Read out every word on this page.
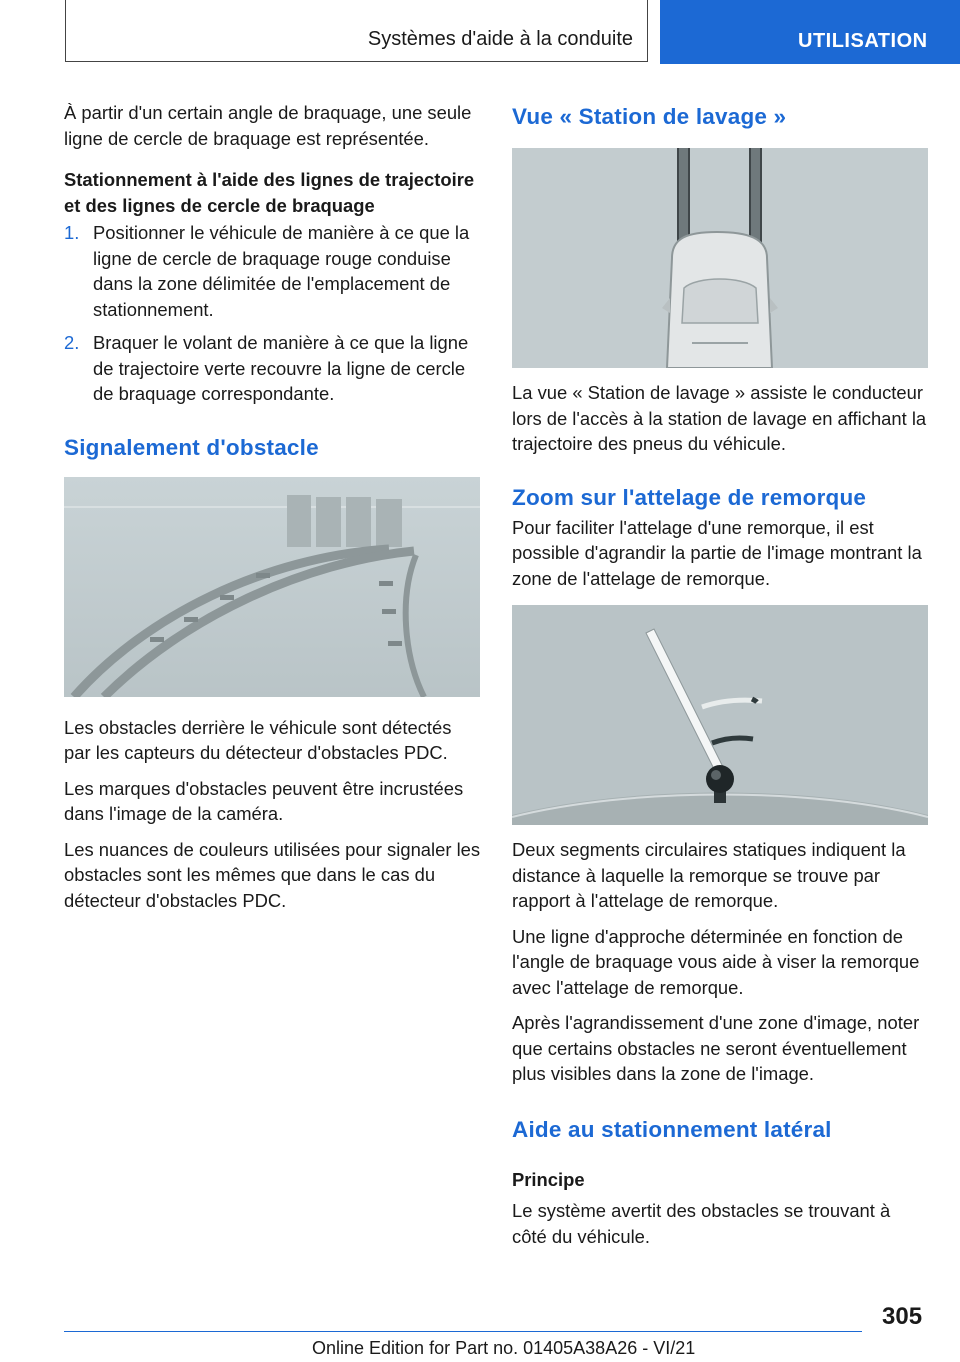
Systèmes d'aide à la conduite	UTILISATION

À partir d'un certain angle de braquage, une seule ligne de cercle de braquage est représentée.

Stationnement à l'aide des lignes de trajectoire et des lignes de cercle de braquage
1. Positionner le véhicule de manière à ce que la ligne de cercle de braquage rouge conduise dans la zone délimitée de l'emplacement de stationnement.
2. Braquer le volant de manière à ce que la ligne de trajectoire verte recouvre la ligne de cercle de braquage correspondante.
Signalement d'obstacle

Les obstacles derrière le véhicule sont détectés par les capteurs du détecteur d'obstacles PDC.

Les marques d'obstacles peuvent être incrustées dans l'image de la caméra.

Les nuances de couleurs utilisées pour signaler les obstacles sont les mêmes que dans le cas du détecteur d'obstacles PDC.

Vue « Station de lavage »

La vue « Station de lavage » assiste le conducteur lors de l'accès à la station de lavage en affichant la trajectoire des pneus du véhicule.

Zoom sur l'attelage de remorque

Pour faciliter l'attelage d'une remorque, il est possible d'agrandir la partie de l'image montrant la zone de l'attelage de remorque.

Deux segments circulaires statiques indiquent la distance à laquelle la remorque se trouve par rapport à l'attelage de remorque.

Une ligne d'approche déterminée en fonction de l'angle de braquage vous aide à viser la remorque avec l'attelage de remorque.

Après l'agrandissement d'une zone d'image, noter que certains obstacles ne seront éventuellement plus visibles dans la zone de l'image.

Aide au stationnement latéral
Principe

Le système avertit des obstacles se trouvant à côté du véhicule.

305
Online Edition for Part no. 01405A38A26 - VI/21
